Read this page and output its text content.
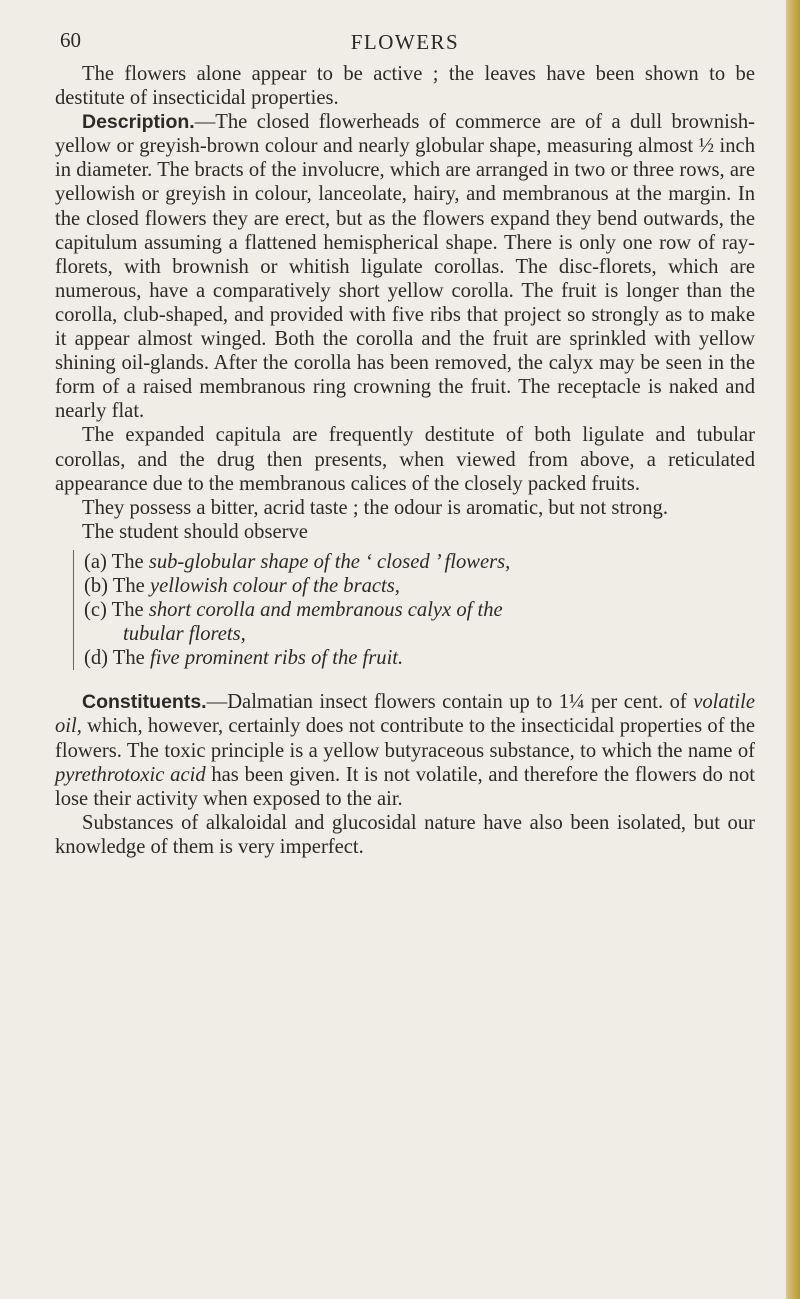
60	FLOWERS

The flowers alone appear to be active ; the leaves have been shown to be destitute of insecticidal properties.

Description.—The closed flowerheads of commerce are of a dull brownish-yellow or greyish-brown colour and nearly globular shape, measuring almost ½ inch in diameter. The bracts of the involucre, which are arranged in two or three rows, are yellowish or greyish in colour, lanceolate, hairy, and membranous at the margin. In the closed flowers they are erect, but as the flowers expand they bend outwards, the capitulum assuming a flattened hemispherical shape. There is only one row of ray-florets, with brownish or whitish ligulate corollas. The disc-florets, which are numerous, have a comparatively short yellow corolla. The fruit is longer than the corolla, club-shaped, and provided with five ribs that project so strongly as to make it appear almost winged. Both the corolla and the fruit are sprinkled with yellow shining oil-glands. After the corolla has been removed, the calyx may be seen in the form of a raised membranous ring crowning the fruit. The receptacle is naked and nearly flat.

The expanded capitula are frequently destitute of both ligulate and tubular corollas, and the drug then presents, when viewed from above, a reticulated appearance due to the membranous calices of the closely packed fruits.

They possess a bitter, acrid taste ; the odour is aromatic, but not strong.

The student should observe

(a) The sub-globular shape of the ‘ closed ’ flowers,

(b) The yellowish colour of the bracts,

(c) The short corolla and membranous calyx of the

tubular florets,

(d) The five prominent ribs of the fruit.

Constituents.—Dalmatian insect flowers contain up to 1¼ per cent. of volatile oil, which, however, certainly does not contribute to the insecticidal properties of the flowers. The toxic principle is a yellow butyraceous substance, to which the name of pyrethrotoxic acid has been given. It is not volatile, and therefore the flowers do not lose their activity when exposed to the air.

Substances of alkaloidal and glucosidal nature have also been isolated, but our knowledge of them is very imperfect.
